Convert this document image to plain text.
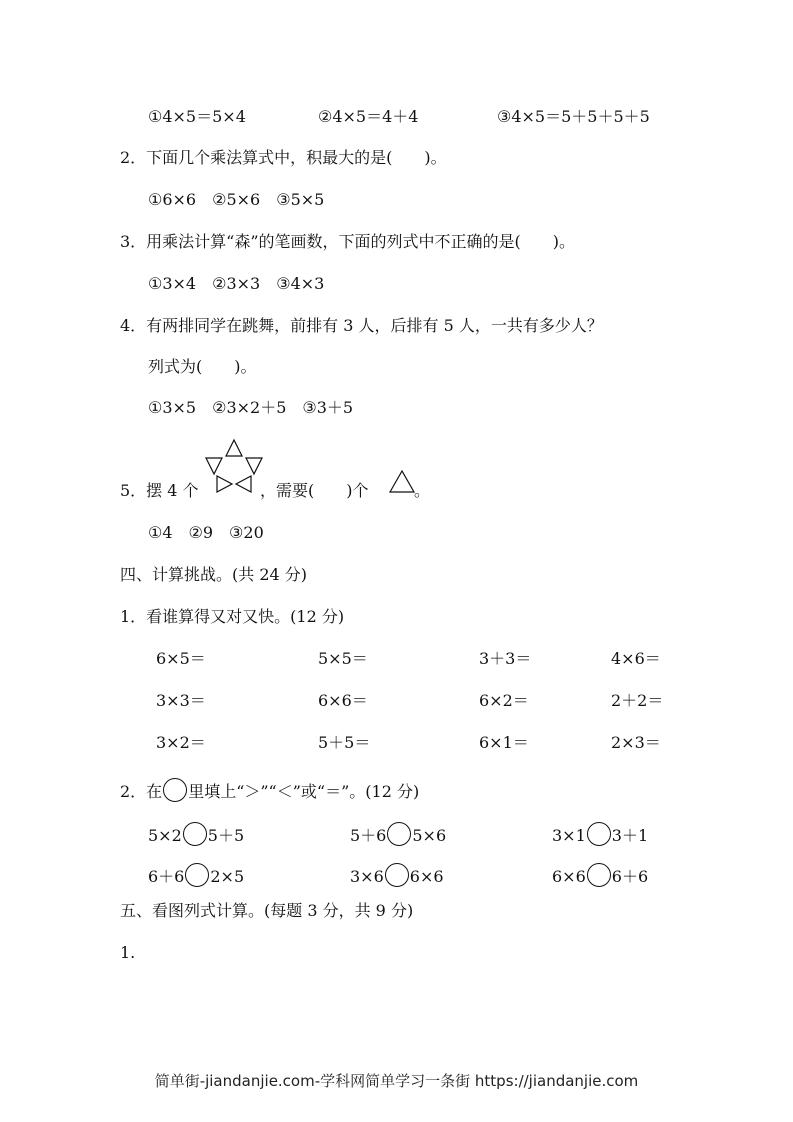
①4×5＝5×4	②4×5＝4＋4	③4×5＝5＋5＋5＋5
2．下面几个乘法算式中，积最大的是(　　)。
①6×6　②5×6　③5×5
3．用乘法计算“森”的笔画数，下面的列式中不正确的是(　　)。
①3×4　②3×3　③4×3
4．有两排同学在跳舞，前排有 3 人，后排有 5 人，一共有多少人？
列式为(　　)。
①3×5　②3×2＋5　③3＋5
5．摆 4 个	，需要(　　)个	。
①4　②9　③20
四、计算挑战。(共 24 分)
1．看谁算得又对又快。(12 分)
6×5＝	5×5＝	3＋3＝	4×6＝
3×3＝	6×6＝	6×2＝	2＋2＝
3×2＝	5＋5＝	6×1＝	2×3＝
2．在 里填上“＞”“＜”或“＝”。(12 分)
5×2 5＋5	5＋6 5×6	3×1 3＋1
6＋6 2×5	3×6 6×6	6×6 6＋6
五、看图列式计算。(每题 3 分，共 9 分)
1.
简单街-jiandanjie.com-学科网简单学习一条街 https://jiandanjie.com
